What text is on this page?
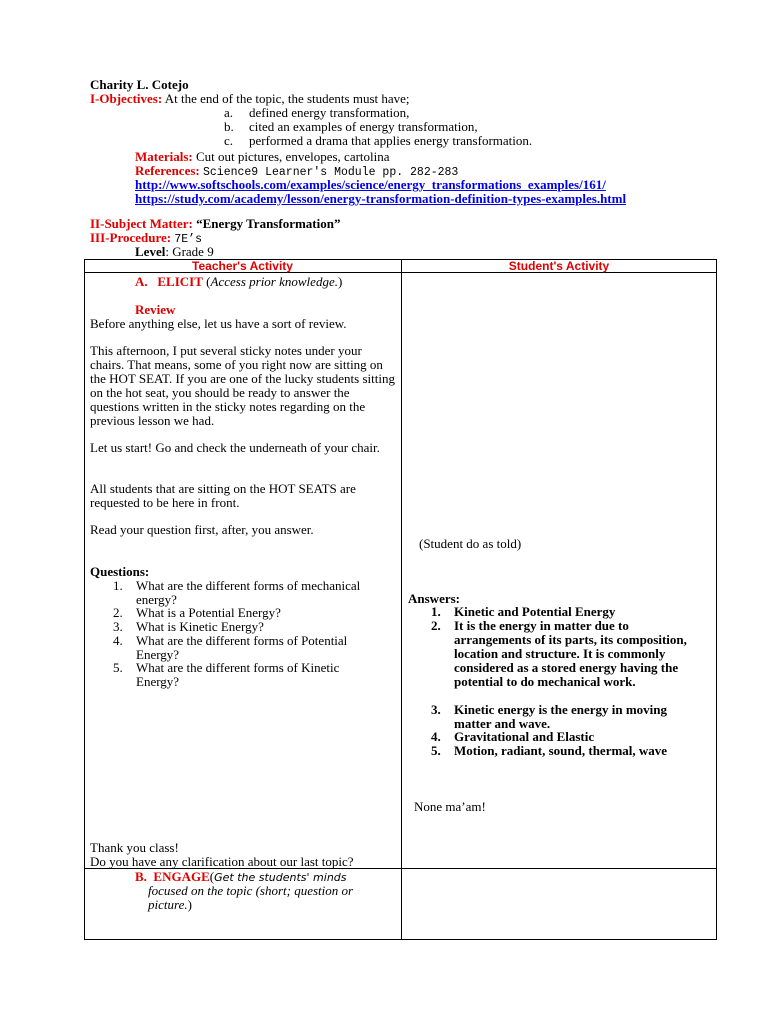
Charity L. Cotejo
I-Objectives: At the end of the topic, the students must have;
a. defined energy transformation,
b. cited an examples of energy transformation,
c. performed a drama that applies energy transformation.
Materials: Cut out pictures, envelopes, cartolina
References: Science9 Learner's Module pp. 282-283
http://www.softschools.com/examples/science/energy_transformations_examples/161/
https://study.com/academy/lesson/energy-transformation-definition-types-examples.html
II-Subject Matter: “Energy Transformation”
III-Procedure: 7E’s
Level: Grade 9
Teacher's Activity	Student's Activity
A. ELICIT (Access prior knowledge.)
Review
Before anything else, let us have a sort of review.
This afternoon, I put several sticky notes under your chairs. That means, some of you right now are sitting on the HOT SEAT. If you are one of the lucky students sitting on the hot seat, you should be ready to answer the questions written in the sticky notes regarding on the previous lesson we had.
Let us start! Go and check the underneath of your chair.
All students that are sitting on the HOT SEATS are requested to be here in front.
Read your question first, after, you answer.
Questions:
1. What are the different forms of mechanical energy?
2. What is a Potential Energy?
3. What is Kinetic Energy?
4. What are the different forms of Potential Energy?
5. What are the different forms of Kinetic Energy?
Thank you class!
Do you have any clarification about our last topic?
(Student do as told)
Answers:
1. Kinetic and Potential Energy
2. It is the energy in matter due to arrangements of its parts, its composition, location and structure. It is commonly considered as a stored energy having the potential to do mechanical work.
3. Kinetic energy is the energy in moving matter and wave.
4. Gravitational and Elastic
5. Motion, radiant, sound, thermal, wave
None ma’am!
B. ENGAGE(Get the students' minds
focused on the topic (short; question or
picture.)
